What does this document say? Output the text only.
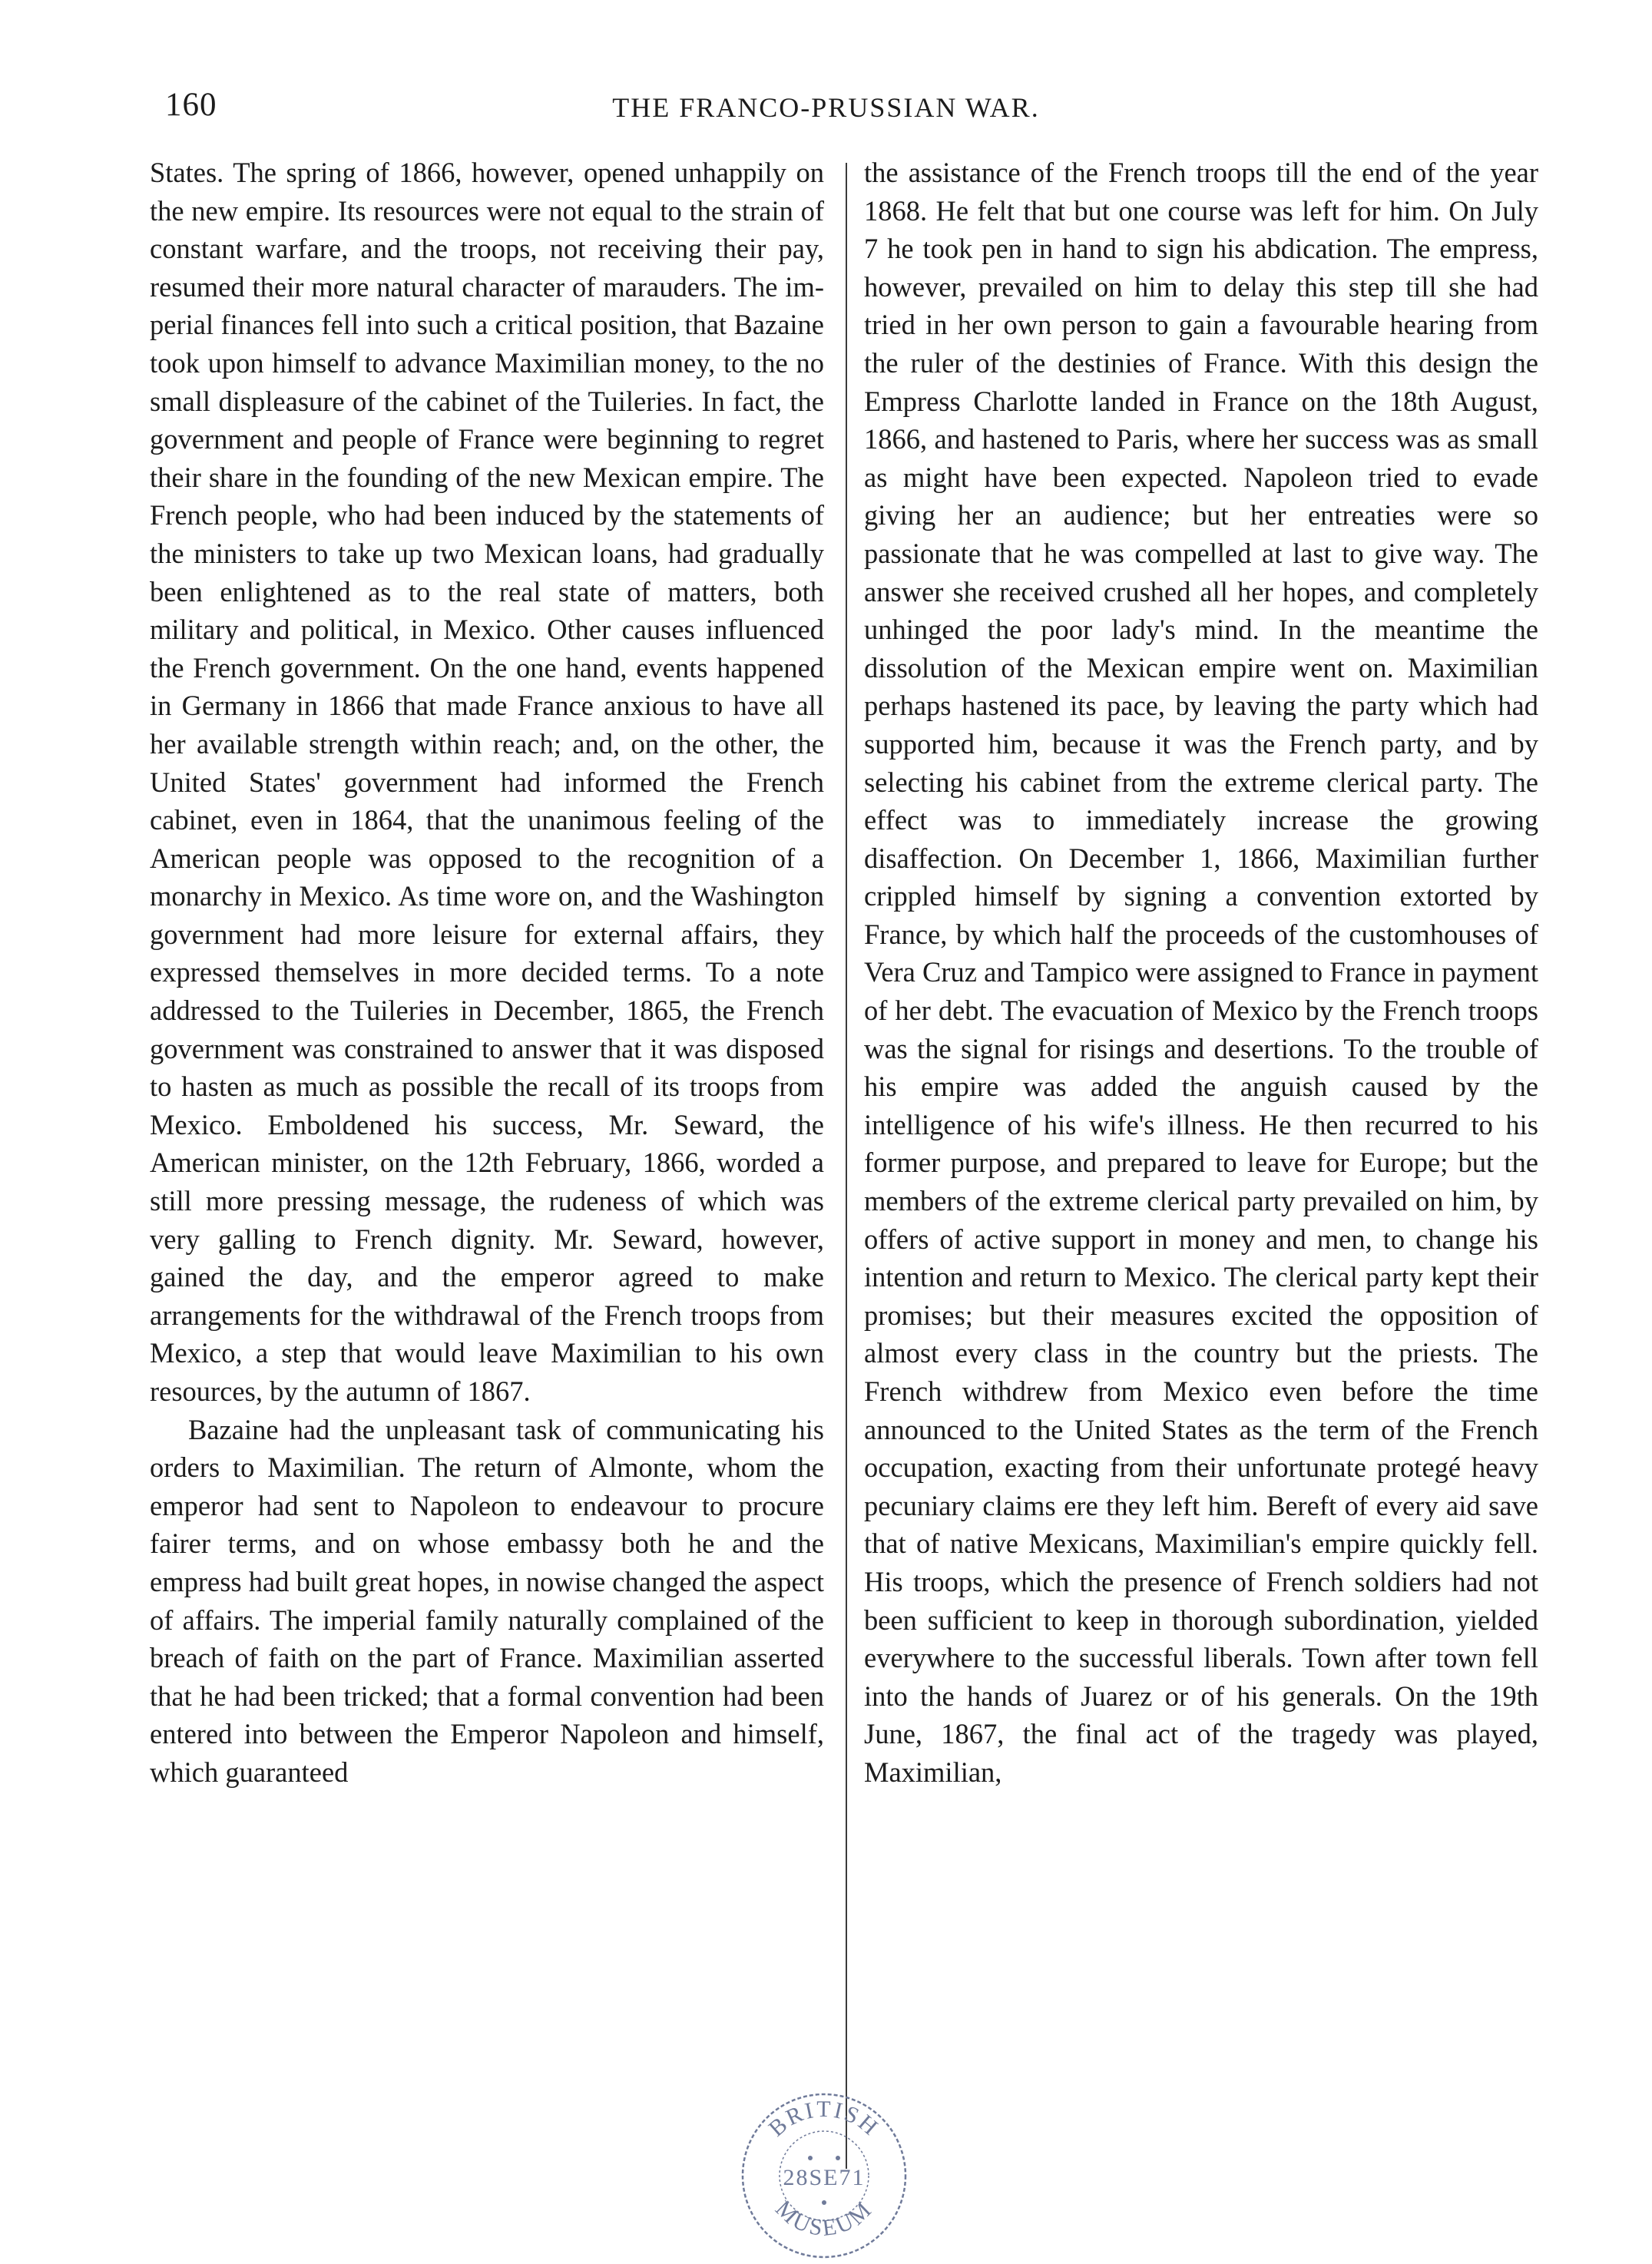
160	THE FRANCO-PRUSSIAN WAR.

States. The spring of 1866, however, opened unhappily on the new empire. Its resources were not equal to the strain of constant warfare, and the troops, not receiving their pay, resumed their more natural character of marauders. The imperial finances fell into such a critical position, that Bazaine took upon himself to advance Maximilian money, to the no small displeasure of the cabinet of the Tuileries. In fact, the government and people of France were beginning to regret their share in the founding of the new Mexican empire. The French people, who had been induced by the statements of the ministers to take up two Mexican loans, had gradually been enlightened as to the real state of matters, both military and political, in Mexico. Other causes influenced the French government. On the one hand, events happened in Germany in 1866 that made France anxious to have all her available strength within reach; and, on the other, the United States' government had informed the French cabinet, even in 1864, that the unanimous feeling of the American people was opposed to the recognition of a monarchy in Mexico. As time wore on, and the Washington government had more leisure for external affairs, they expressed themselves in more decided terms. To a note addressed to the Tuileries in December, 1865, the French government was constrained to answer that it was disposed to hasten as much as possible the recall of its troops from Mexico. Emboldened his success, Mr. Seward, the American minister, on the 12th February, 1866, worded a still more pressing message, the rudeness of which was very galling to French dignity. Mr. Seward, however, gained the day, and the emperor agreed to make arrangements for the withdrawal of the French troops from Mexico, a step that would leave Maximilian to his own resources, by the autumn of 1867.

Bazaine had the unpleasant task of communicating his orders to Maximilian. The return of Almonte, whom the emperor had sent to Napoleon to endeavour to procure fairer terms, and on whose embassy both he and the empress had built great hopes, in nowise changed the aspect of affairs. The imperial family naturally complained of the breach of faith on the part of France. Maximilian asserted that he had been tricked; that a formal convention had been entered into between the Emperor Napoleon and himself, which guaranteed

the assistance of the French troops till the end of the year 1868. He felt that but one course was left for him. On July 7 he took pen in hand to sign his abdication. The empress, however, prevailed on him to delay this step till she had tried in her own person to gain a favourable hearing from the ruler of the destinies of France. With this design the Empress Charlotte landed in France on the 18th August, 1866, and hastened to Paris, where her success was as small as might have been expected. Napoleon tried to evade giving her an audience; but her entreaties were so passionate that he was compelled at last to give way. The answer she received crushed all her hopes, and completely unhinged the poor lady's mind. In the meantime the dissolution of the Mexican empire went on. Maximilian perhaps hastened its pace, by leaving the party which had supported him, because it was the French party, and by selecting his cabinet from the extreme clerical party. The effect was to immediately increase the growing disaffection. On December 1, 1866, Maximilian further crippled himself by signing a convention extorted by France, by which half the proceeds of the customhouses of Vera Cruz and Tampico were assigned to France in payment of her debt. The evacuation of Mexico by the French troops was the signal for risings and desertions. To the trouble of his empire was added the anguish caused by the intelligence of his wife's illness. He then recurred to his former purpose, and prepared to leave for Europe; but the members of the extreme clerical party prevailed on him, by offers of active support in money and men, to change his intention and return to Mexico. The clerical party kept their promises; but their measures excited the opposition of almost every class in the country but the priests. The French withdrew from Mexico even before the time announced to the United States as the term of the French occupation, exacting from their unfortunate protegé heavy pecuniary claims ere they left him. Bereft of every aid save that of native Mexicans, Maximilian's empire quickly fell. His troops, which the presence of French soldiers had not been sufficient to keep in thorough subordination, yielded everywhere to the successful liberals. Town after town fell into the hands of Juarez or of his generals. On the 19th June, 1867, the final act of the tragedy was played, Maximilian,

BRITISH
28SE71
MUSEUM
